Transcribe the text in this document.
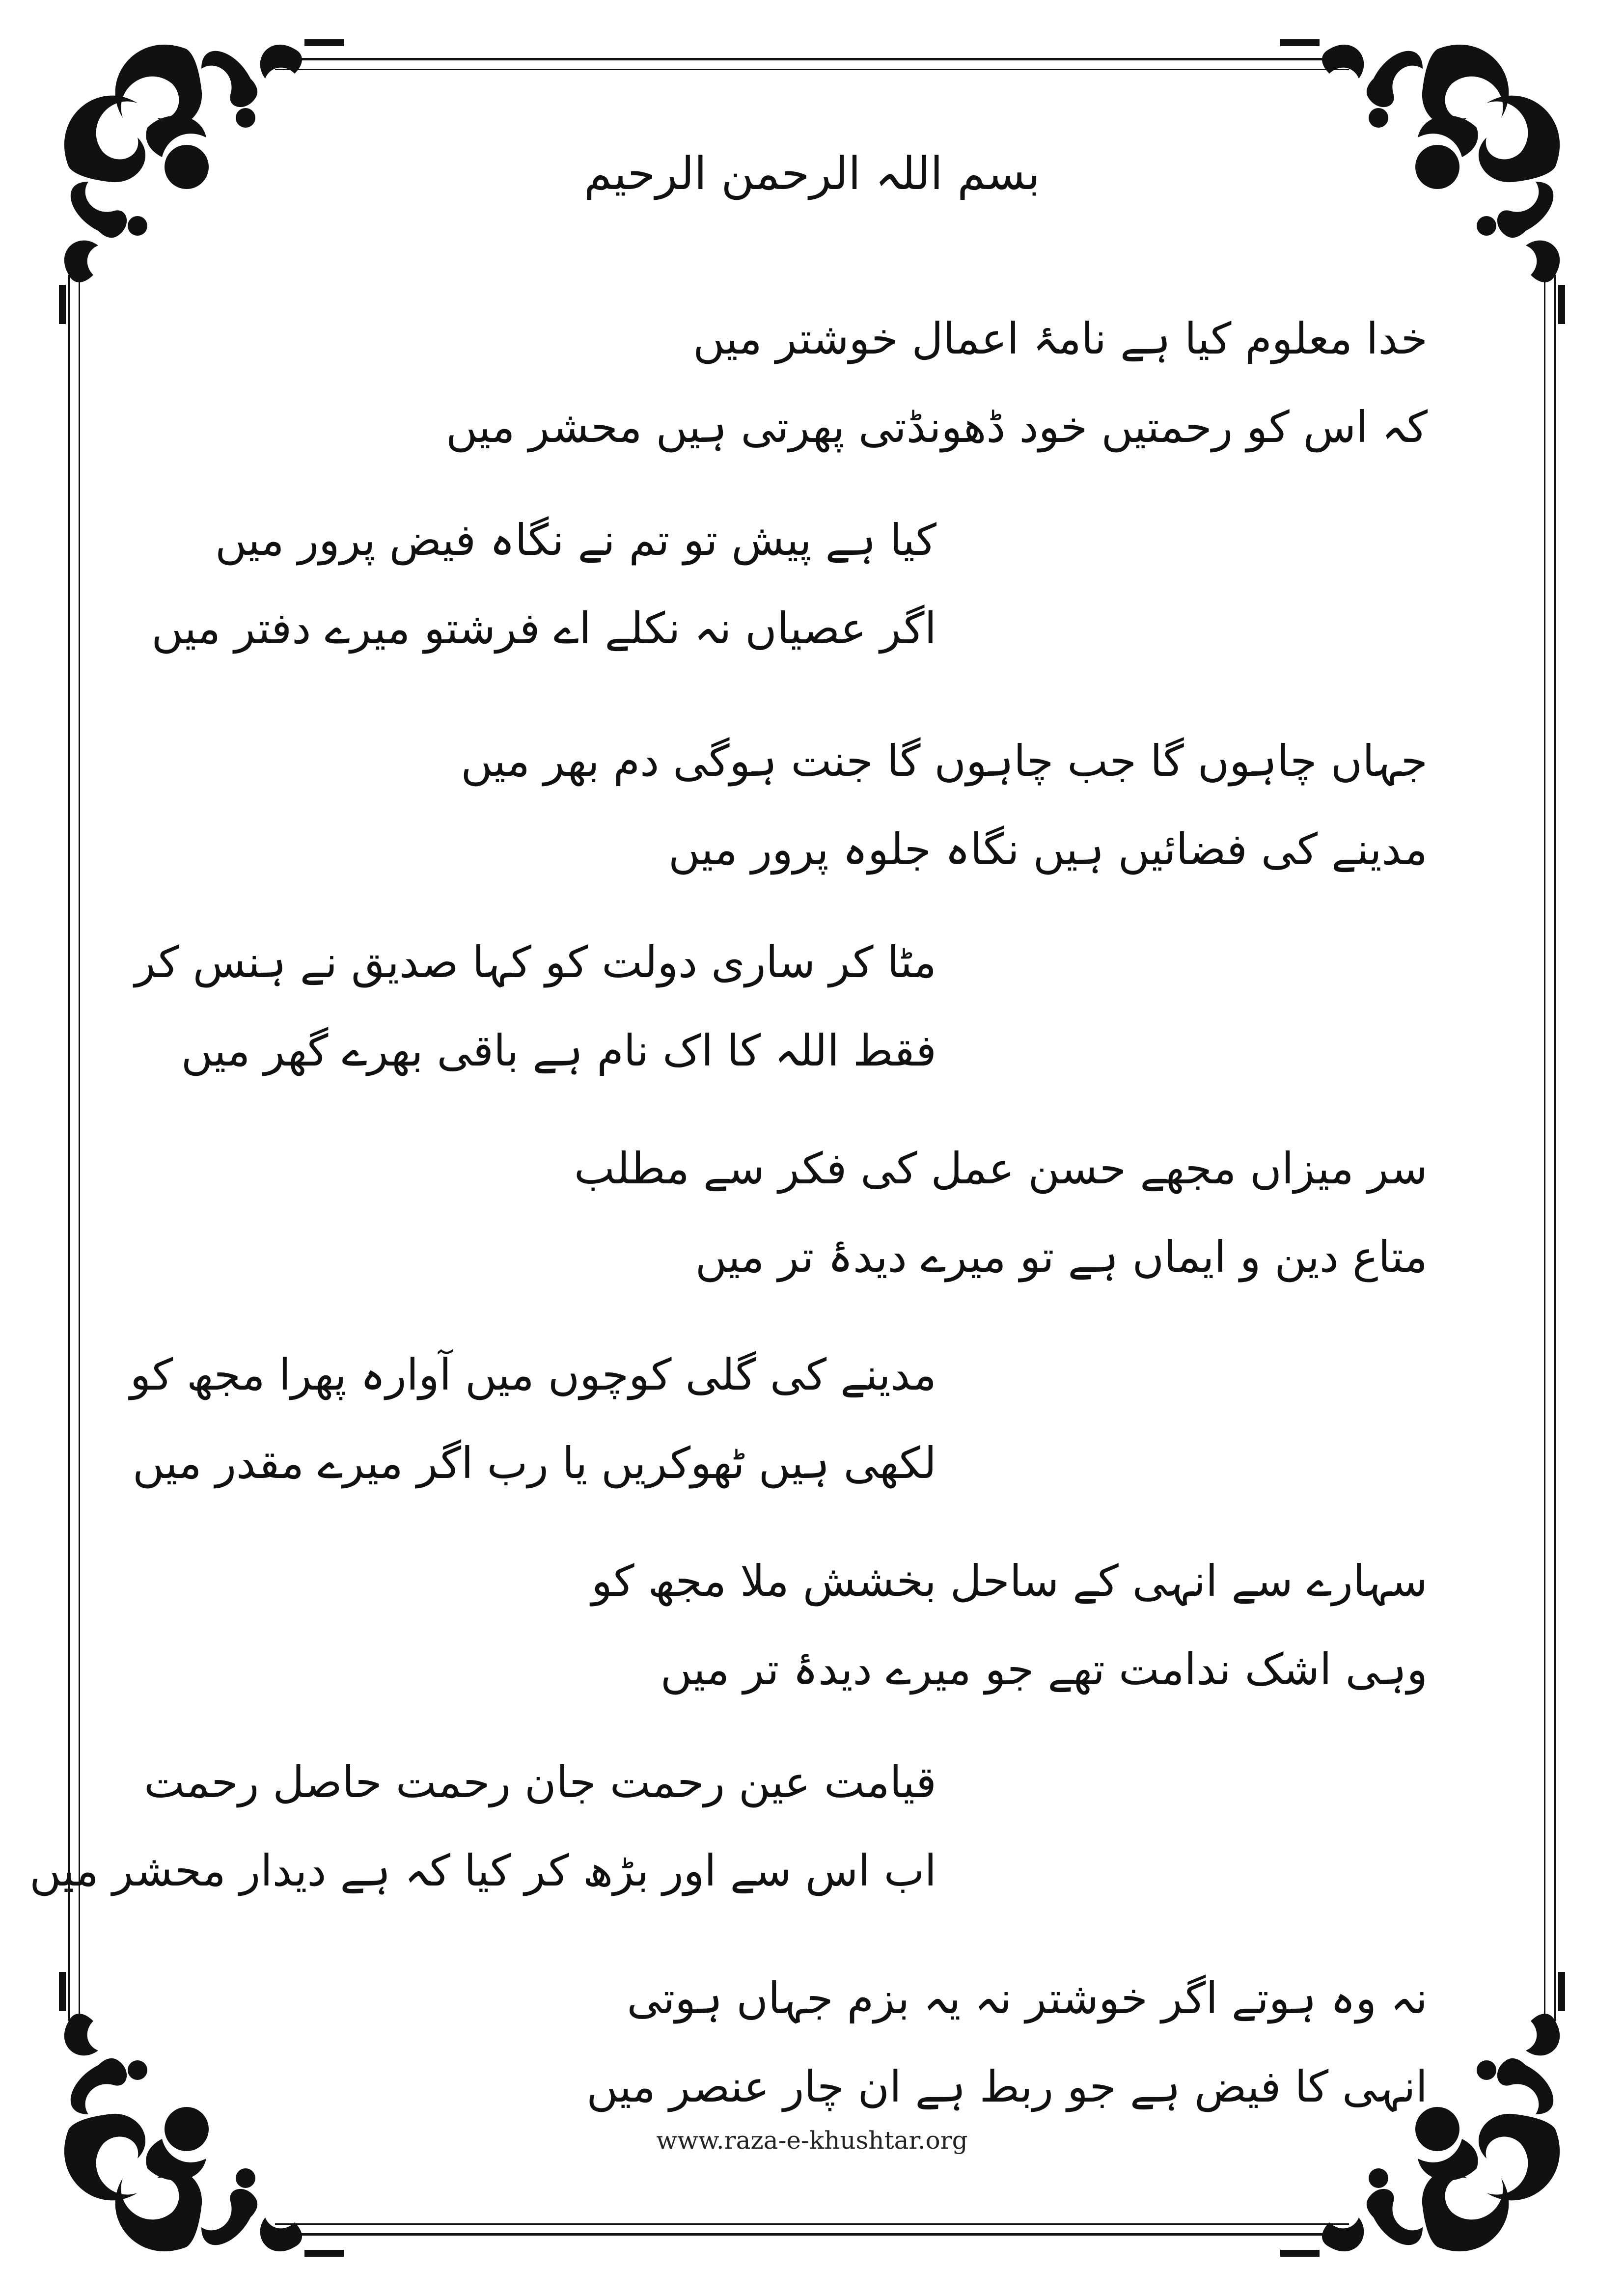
بسم اللہ الرحمن الرحیم
خدا معلوم کیا ہے نامۂ اعمال خوشتر میں
کہ اس کو رحمتیں خود ڈھونڈتی پھرتی ہیں محشر میں
کیا ہے پیش تو تم نے نگاہ فیض پرور میں
اگر عصیاں نہ نکلے اے فرشتو میرے دفتر میں
جہاں چاہوں گا جب چاہوں گا جنت ہوگی دم بھر میں
مدینے کی فضائیں ہیں نگاہ جلوہ پرور میں
مٹا کر ساری دولت کو کہا صدیق نے ہنس کر
فقط اللہ کا اک نام ہے باقی بھرے گھر میں
سر میزاں مجھے حسن عمل کی فکر سے مطلب
متاع دین و ایماں ہے تو میرے دیدۂ تر میں
مدینے کی گلی کوچوں میں آوارہ پھرا مجھ کو
لکھی ہیں ٹھوکریں یا رب اگر میرے مقدر میں
سہارے سے انہی کے ساحل بخشش ملا مجھ کو
وہی اشک ندامت تھے جو میرے دیدۂ تر میں
قیامت عین رحمت جان رحمت حاصل رحمت
اب اس سے اور بڑھ کر کیا کہ ہے دیدار محشر میں
نہ وہ ہوتے اگر خوشتر نہ یہ بزم جہاں ہوتی
انہی کا فیض ہے جو ربط ہے ان چار عنصر میں
www.raza-e-khushtar.org
